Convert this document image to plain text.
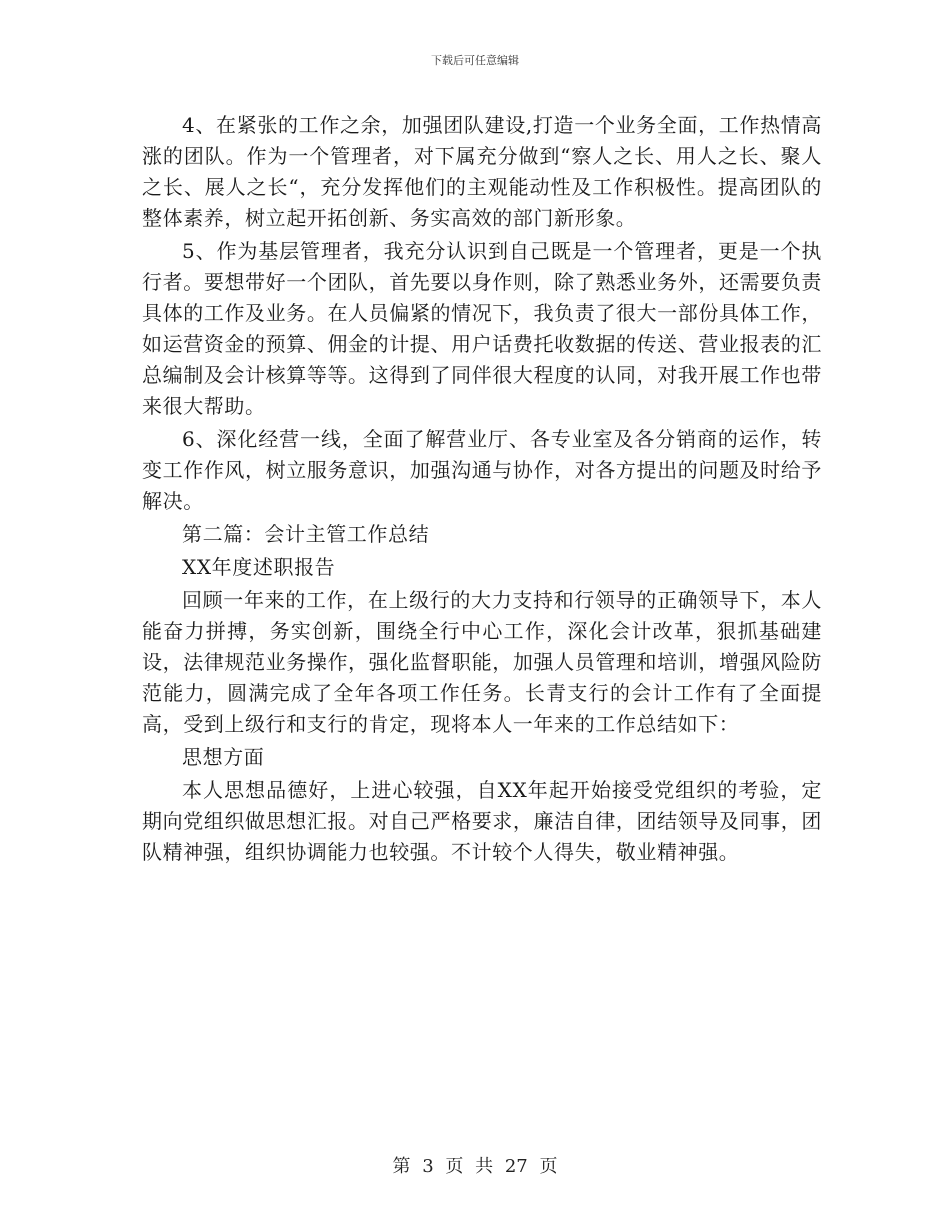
下载后可任意编辑

4、在紧张的工作之余，加强团队建设,打造一个业务全面，工作热情高涨的团队。作为一个管理者，对下属充分做到“察人之长、用人之长、聚人之长、展人之长“，充分发挥他们的主观能动性及工作积极性。提高团队的整体素养，树立起开拓创新、务实高效的部门新形象。

5、作为基层管理者，我充分认识到自己既是一个管理者，更是一个执行者。要想带好一个团队，首先要以身作则，除了熟悉业务外，还需要负责具体的工作及业务。在人员偏紧的情况下，我负责了很大一部份具体工作，如运营资金的预算、佣金的计提、用户话费托收数据的传送、营业报表的汇总编制及会计核算等等。这得到了同伴很大程度的认同，对我开展工作也带来很大帮助。

6、深化经营一线，全面了解营业厅、各专业室及各分销商的运作，转变工作作风，树立服务意识，加强沟通与协作，对各方提出的问题及时给予解决。

第二篇：会计主管工作总结

XX年度述职报告

回顾一年来的工作，在上级行的大力支持和行领导的正确领导下，本人能奋力拼搏，务实创新，围绕全行中心工作，深化会计改革，狠抓基础建设，法律规范业务操作，强化监督职能，加强人员管理和培训，增强风险防范能力，圆满完成了全年各项工作任务。长青支行的会计工作有了全面提高，受到上级行和支行的肯定，现将本人一年来的工作总结如下：

思想方面

本人思想品德好，上进心较强，自XX年起开始接受党组织的考验，定期向党组织做思想汇报。对自己严格要求，廉洁自律，团结领导及同事，团队精神强，组织协调能力也较强。不计较个人得失，敬业精神强。

第 3 页 共 27 页
